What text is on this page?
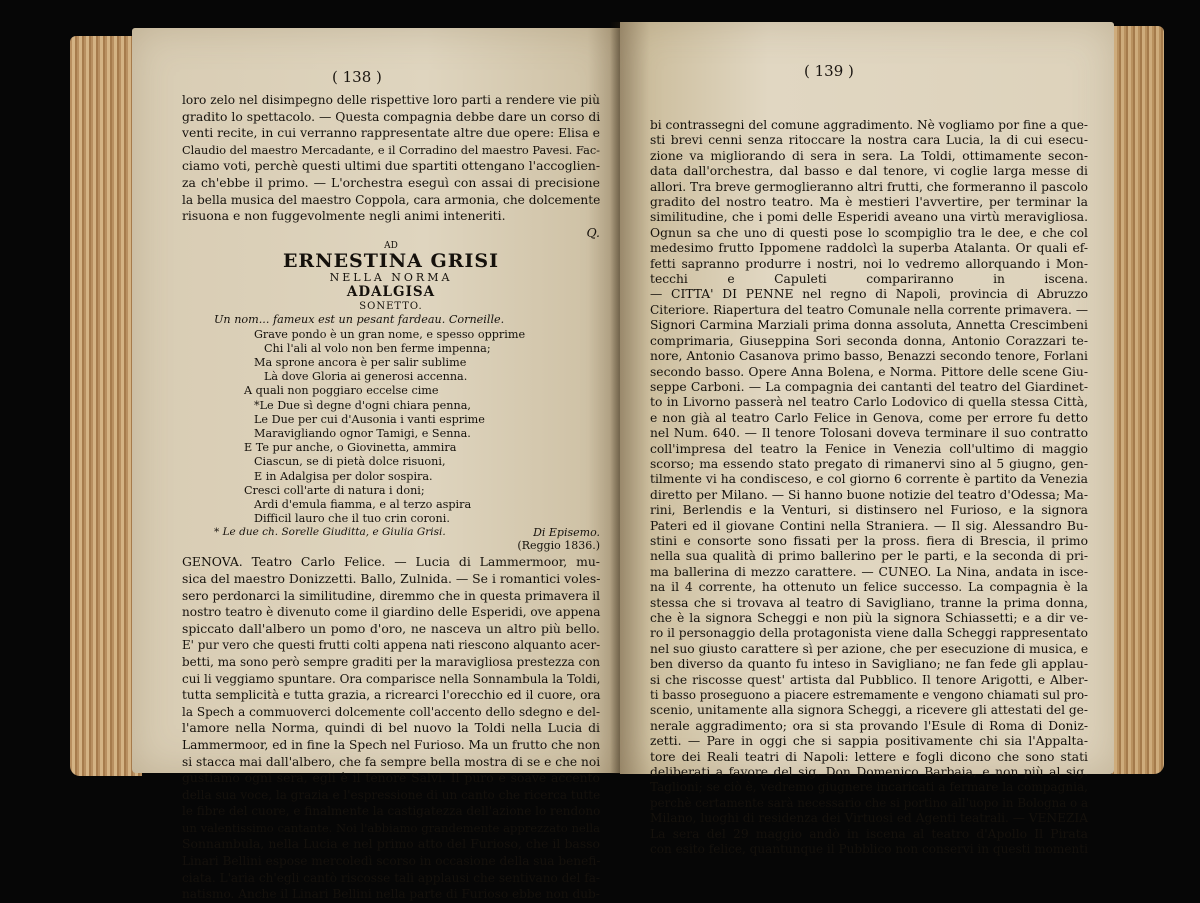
( 138 )

loro zelo nel disimpegno delle rispettive loro parti a rendere vie più

gradito lo spettacolo. — Questa compagnia debbe dare un corso di

venti recite, in cui verranno rappresentate altre due opere: Elisa e

Claudio del maestro Mercadante, e il Corradino del maestro Pavesi. Fac-

ciamo voti, perchè questi ultimi due spartiti ottengano l'accoglien-

za ch'ebbe il primo. — L'orchestra eseguì con assai di precisione

la bella musica del maestro Coppola, cara armonia, che dolcemente

risuona e non fuggevolmente negli animi inteneriti.

Q.

AD

ERNESTINA GRISI

NELLA NORMA

ADALGISA

SONETTO.

Un nom... fameux est un pesant fardeau. Corneille.
Grave pondo è un gran nome, e spesso opprime
Chi l'ali al volo non ben ferme impenna;
Ma sprone ancora è per salir sublime
Là dove Gloria ai generosi accenna.
A quali non poggiaro eccelse cime
*Le Due sì degne d'ogni chiara penna,
Le Due per cui d'Ausonia i vanti esprime
Maravigliando ognor Tamigi, e Senna.
E Te pur anche, o Giovinetta, ammira
Ciascun, se di pietà dolce risuoni,
E in Adalgisa per dolor sospira.
Cresci coll'arte di natura i doni;
Ardi d'emula fiamma, e al terzo aspira
Difficil lauro che il tuo crin coroni.
* Le due ch. Sorelle Giuditta, e Giulia Grisi.	Di Episemo.
(Reggio 1836.)

GENOVA. Teatro Carlo Felice. — Lucia di Lammermoor, mu-

sica del maestro Donizzetti. Ballo, Zulnida. — Se i romantici voles-

sero perdonarci la similitudine, diremmo che in questa primavera il

nostro teatro è divenuto come il giardino delle Esperidi, ove appena

spiccato dall'albero un pomo d'oro, ne nasceva un altro più bello.

E' pur vero che questi frutti colti appena nati riescono alquanto acer-

betti, ma sono però sempre graditi per la maravigliosa prestezza con

cui li veggiamo spuntare. Ora comparisce nella Sonnambula la Toldi,

tutta semplicità e tutta grazia, a ricrearci l'orecchio ed il cuore, ora

la Spech a commuoverci dolcemente coll'accento dello sdegno e del-

l'amore nella Norma, quindi di bel nuovo la Toldi nella Lucia di

Lammermoor, ed in fine la Spech nel Furioso. Ma un frutto che non

si stacca mai dall'albero, che fa sempre bella mostra di se e che noi

gustiamo ogni sera, egli è il tenore Salvi. Il puro e soave accento

della sua voce, la grazia e l'espressione di un canto che ricerca tutte

le fibre del cuore, e finalmente la castigatezza dell'azione lo rendono

un valentissimo cantante. Noi l'abbiamo grandemente apprezzato nella

Sonnambula, nella Lucia e nel primo atto del Furioso, che il basso

Linari Bellini espose mercoledì scorso in occasione della sua benefi-

ciata. L'aria ch'egli cantò riscosse tali applausi che sentivano del fa-

natismo. Anche il Linari Bellini nella parte di Furioso ebbe non dub-

( 139 )

bi contrassegni del comune aggradimento. Nè vogliamo por fine a que-

sti brevi cenni senza ritoccare la nostra cara Lucia, la di cui esecu-

zione va migliorando di sera in sera. La Toldi, ottimamente secon-

data dall'orchestra, dal basso e dal tenore, vi coglie larga messe di

allori. Tra breve germoglieranno altri frutti, che formeranno il pascolo

gradito del nostro teatro. Ma è mestieri l'avvertire, per terminar la

similitudine, che i pomi delle Esperidi aveano una virtù meravigliosa.

Ognun sa che uno di questi pose lo scompiglio tra le dee, e che col

medesimo frutto Ippomene raddolcì la superba Atalanta. Or quali ef-

fetti sapranno produrre i nostri, noi lo vedremo allorquando i Mon-

tecchi e Capuleti compariranno in iscena.

— CITTA' DI PENNE nel regno di Napoli, provincia di Abruzzo

Citeriore. Riapertura del teatro Comunale nella corrente primavera. —

Signori Carmina Marziali prima donna assoluta, Annetta Crescimbeni

comprimaria, Giuseppina Sori seconda donna, Antonio Corazzari te-

nore, Antonio Casanova primo basso, Benazzi secondo tenore, Forlani

secondo basso. Opere Anna Bolena, e Norma. Pittore delle scene Giu-

seppe Carboni. — La compagnia dei cantanti del teatro del Giardinet-

to in Livorno passerà nel teatro Carlo Lodovico di quella stessa Città,

e non già al teatro Carlo Felice in Genova, come per errore fu detto

nel Num. 640. — Il tenore Tolosani doveva terminare il suo contratto

coll'impresa del teatro la Fenice in Venezia coll'ultimo di maggio

scorso; ma essendo stato pregato di rimanervi sino al 5 giugno, gen-

tilmente vi ha condisceso, e col giorno 6 corrente è partito da Venezia

diretto per Milano. — Si hanno buone notizie del teatro d'Odessa; Ma-

rini, Berlendis e la Venturi, si distinsero nel Furioso, e la signora

Pateri ed il giovane Contini nella Straniera. — Il sig. Alessandro Bu-

stini e consorte sono fissati per la pross. fiera di Brescia, il primo

nella sua qualità di primo ballerino per le parti, e la seconda di pri-

ma ballerina di mezzo carattere. — CUNEO. La Nina, andata in isce-

na il 4 corrente, ha ottenuto un felice successo. La compagnia è la

stessa che si trovava al teatro di Savigliano, tranne la prima donna,

che è la signora Scheggi e non più la signora Schiassetti; e a dir ve-

ro il personaggio della protagonista viene dalla Scheggi rappresentato

nel suo giusto carattere sì per azione, che per esecuzione di musica, e

ben diverso da quanto fu inteso in Savigliano; ne fan fede gli applau-

si che riscosse quest' artista dal Pubblico. Il tenore Arigotti, e Alber-

ti basso proseguono a piacere estremamente e vengono chiamati sul pro-

scenio, unitamente alla signora Scheggi, a ricevere gli attestati del ge-

nerale aggradimento; ora si sta provando l'Esule di Roma di Doniz-

zetti. — Pare in oggi che si sappia positivamente chi sia l'Appalta-

tore dei Reali teatri di Napoli: lettere e fogli dicono che sono stati

deliberati a favore del sig. Don Domenico Barbaia, e non più al sig.

Taglioni; se ciò è, vedremo giugnere incaricati a fermare la compagnia,

perchè certamente sarà necessario che si portino all'uopo in Bologna o a

Milano, luoghi di residenza dei Virtuosi ed Agenti teatrali. — VENEZIA

La sera del 29 maggio andò in iscena al teatro d'Apollo Il Pirata

con esito felice, quantunque il Pubblico non conservi in questi momenti
